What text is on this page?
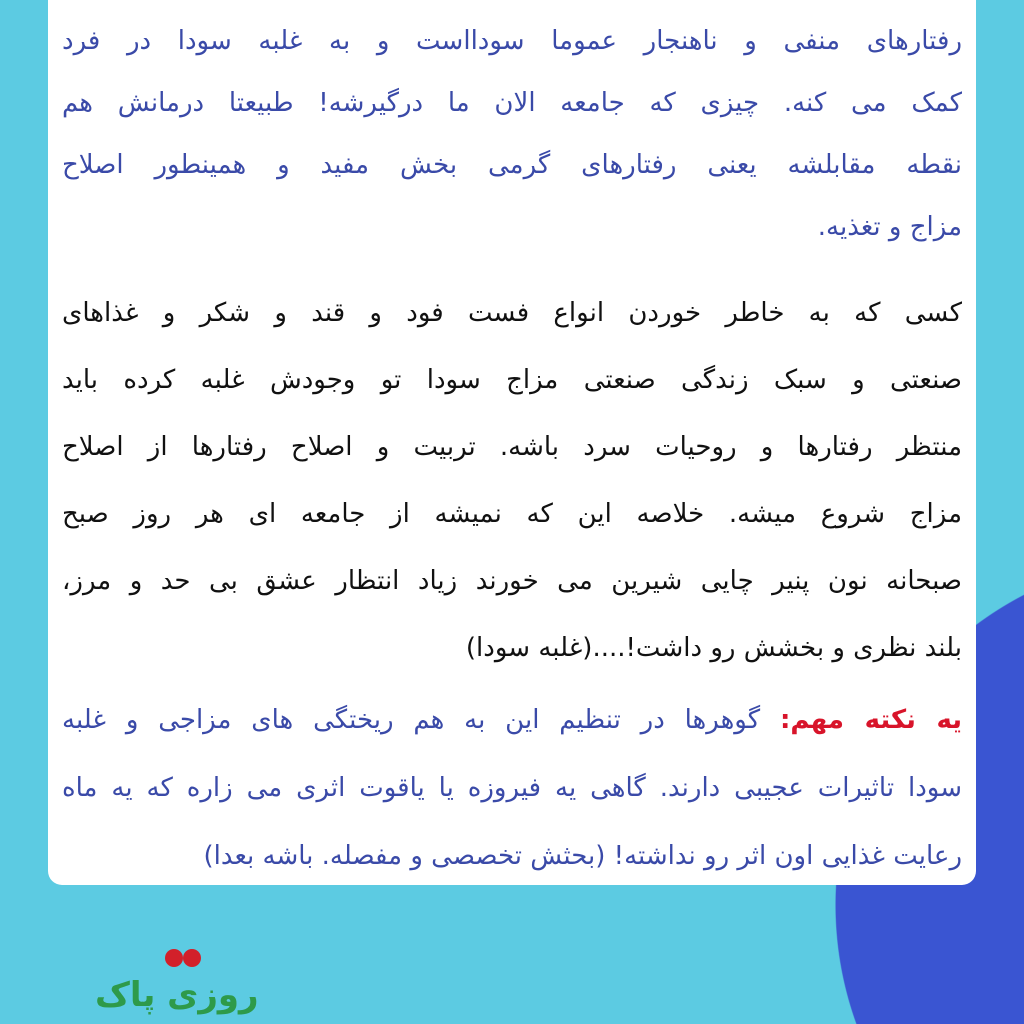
رفتارهای منفی و ناهنجار عموما سودااست و به غلبه سودا در فرد
کمک می کنه. چیزی که جامعه الان ما درگیرشه! طبیعتا درمانش هم
نقطه مقابلشه یعنی رفتارهای گرمی بخش مفید و همینطور اصلاح
مزاج و تغذیه.
کسی که به خاطر خوردن انواع فست فود و قند و شکر و غذاهای
صنعتی و سبک زندگی صنعتی مزاج سودا تو وجودش غلبه کرده باید
منتظر رفتارها و روحیات سرد باشه. تربیت و اصلاح رفتارها از اصلاح
مزاج شروع میشه. خلاصه این که نمیشه از جامعه ای هر روز صبح
صبحانه نون پنیر چایی شیرین می خورند زیاد انتظار عشق بی حد و مرز،
بلند نظری و بخشش رو داشت!....(غلبه سودا)
یه نکته مهم: گوهرها در تنظیم این به هم ریختگی های مزاجی و غلبه
سودا تاثیرات عجیبی دارند. گاهی یه فیروزه یا یاقوت اثری می زاره که یه ماه
رعایت غذایی اون اثر رو نداشته! (بحثش تخصصی و مفصله. باشه بعدا)
روزی پاک
